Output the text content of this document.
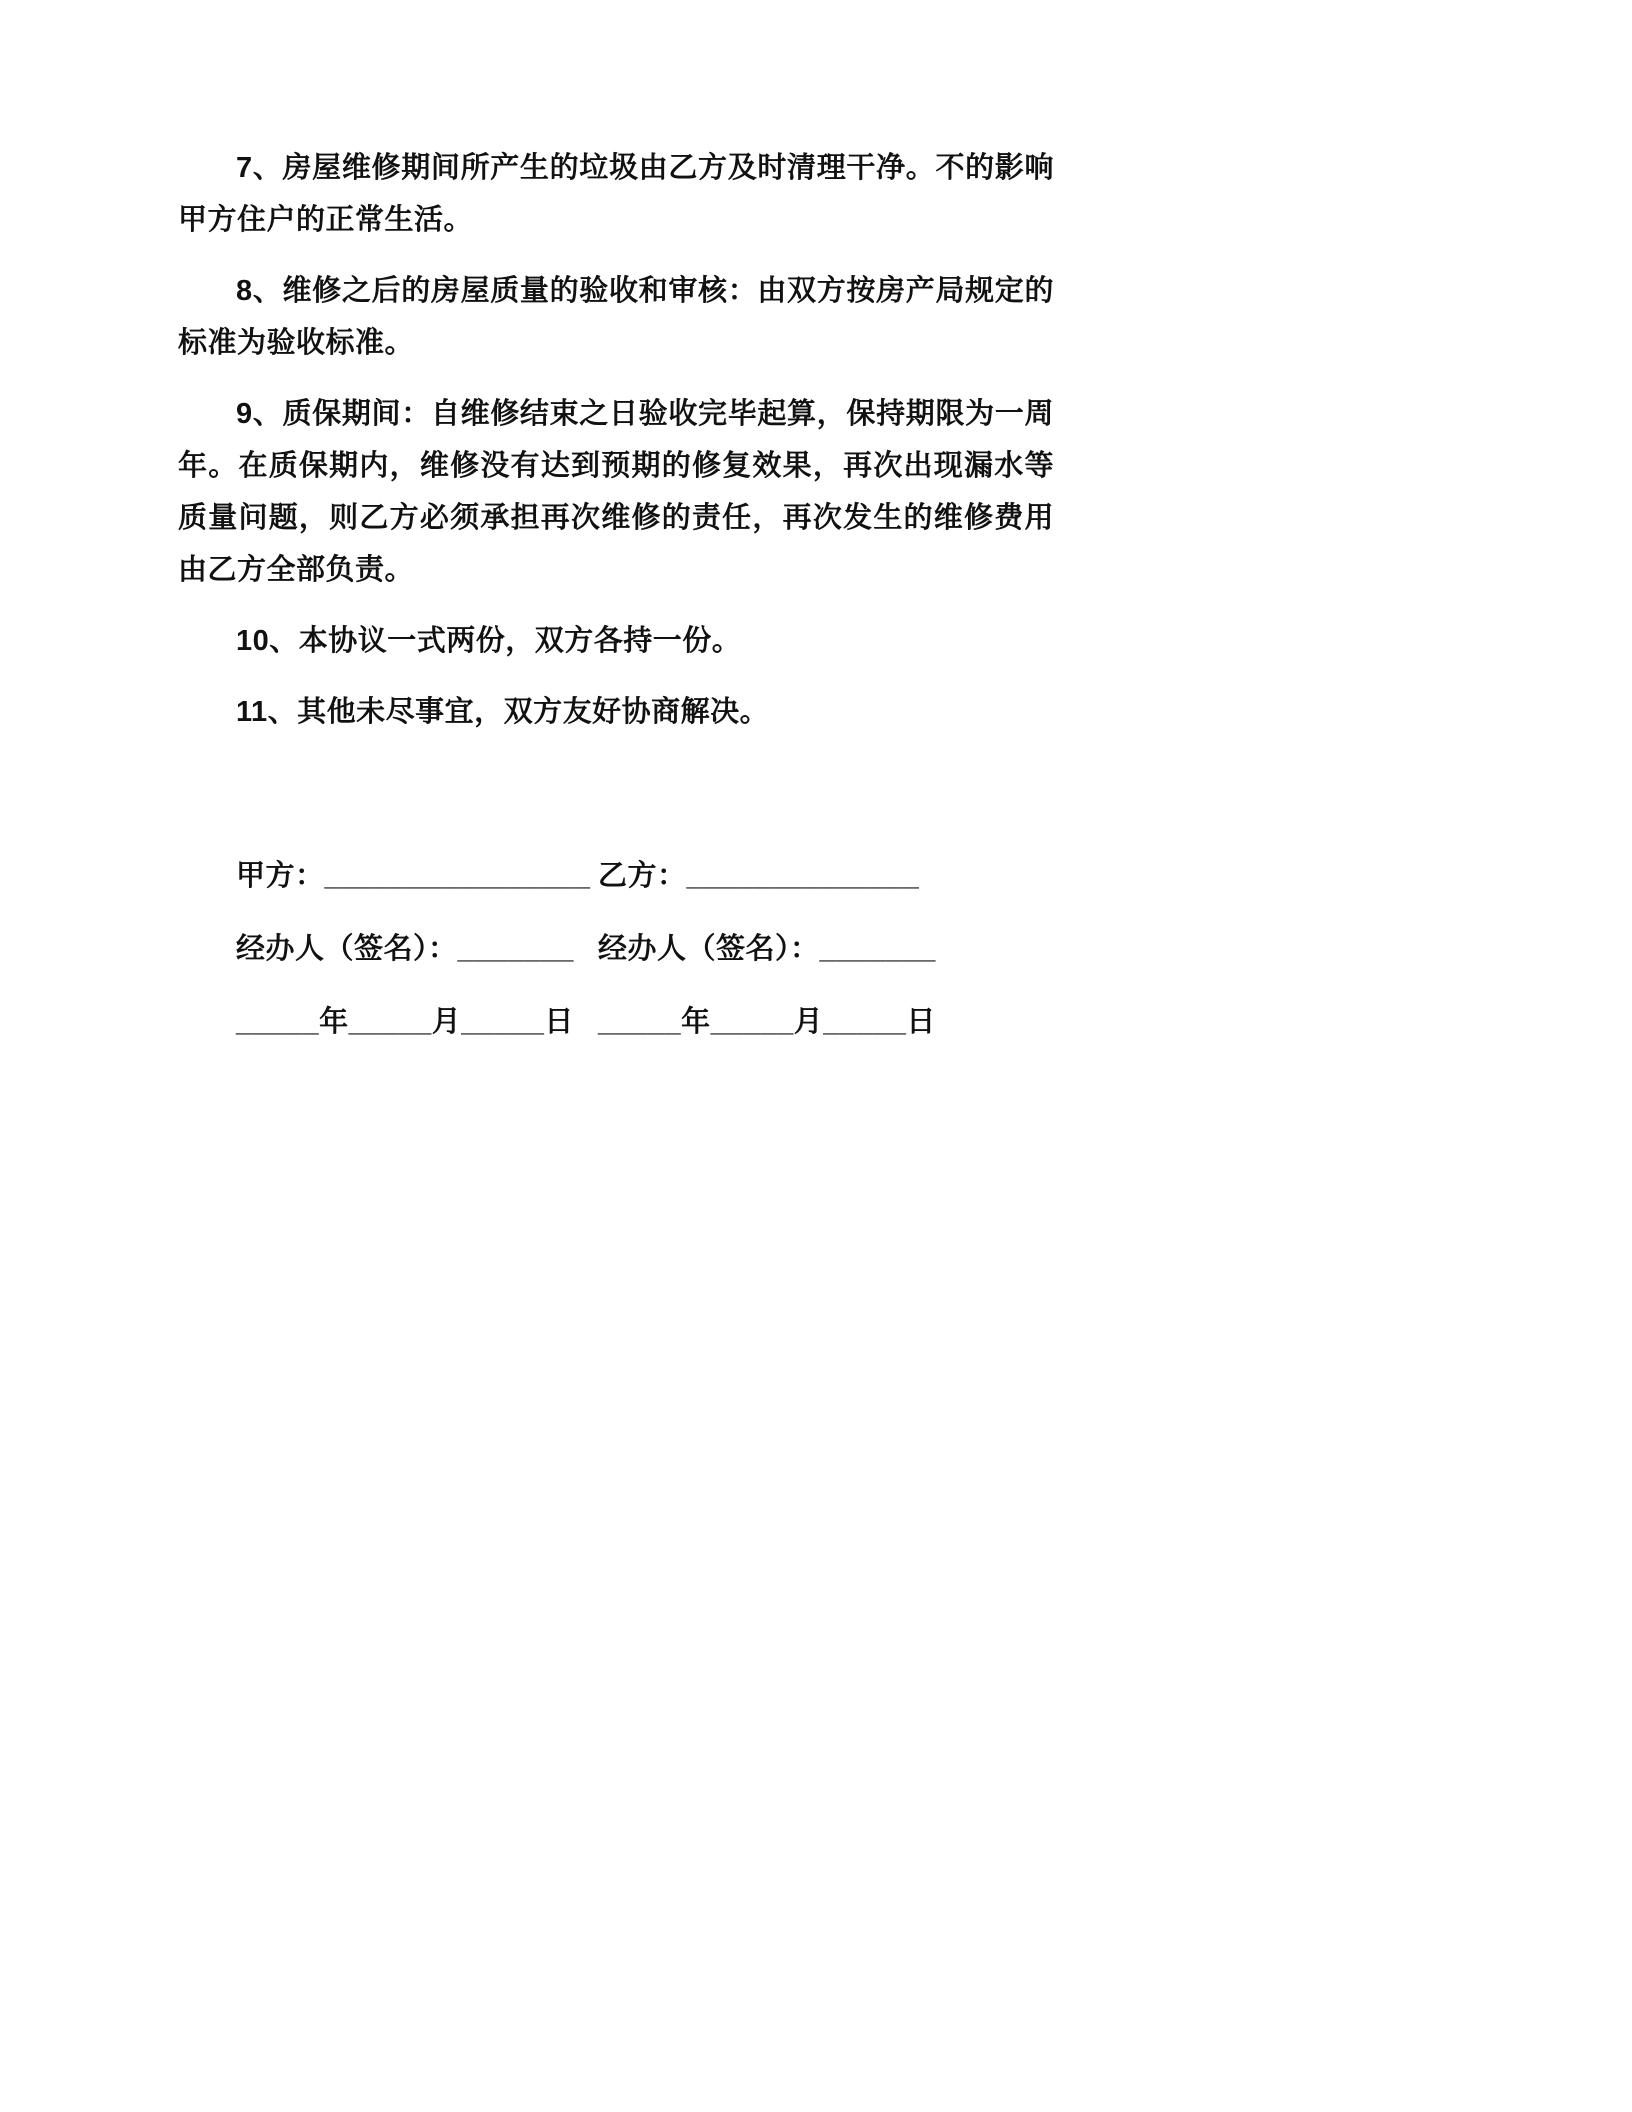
7、房屋维修期间所产生的垃圾由乙方及时清理干净。不的影响甲方住户的正常生活。

8、维修之后的房屋质量的验收和审核：由双方按房产局规定的标准为验收标准。

9、质保期间：自维修结束之日验收完毕起算，保持期限为一周年。在质保期内，维修没有达到预期的修复效果，再次出现漏水等质量问题，则乙方必须承担再次维修的责任，再次发生的维修费用由乙方全部负责。

10、本协议一式两份，双方各持一份。

11、其他未尽事宜，双方友好协商解决。

甲方：________________ 乙方：______________
经办人（签名）：_______ 经办人（签名）：_______
_____年_____月_____日 _____年_____月_____日
